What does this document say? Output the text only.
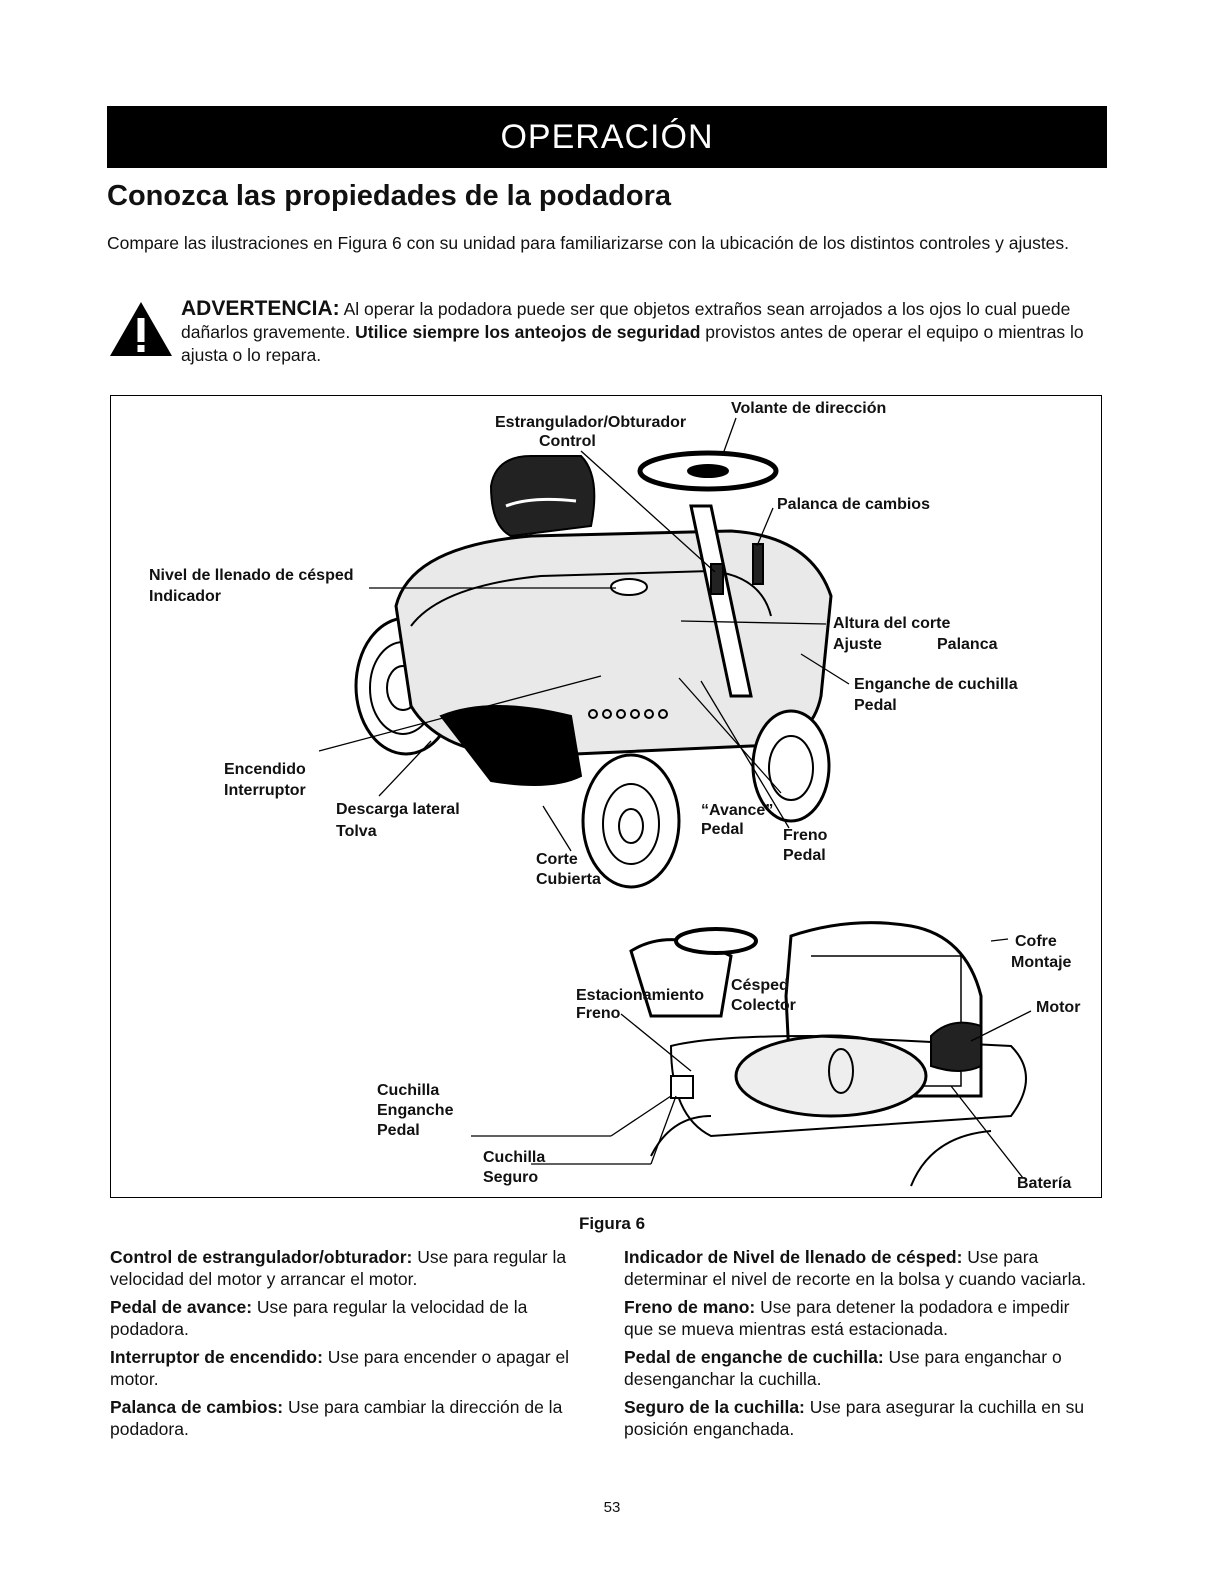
OPERACIÓN
Conozca las propiedades de la podadora
Compare las ilustraciones en Figura 6 con su unidad para familiarizarse con la ubicación de los distintos controles y ajustes.
ADVERTENCIA: Al operar la podadora puede ser que objetos extraños sean arrojados a los ojos lo cual puede dañarlos gravemente. Utilice siempre los anteojos de seguridad provistos antes de operar el equipo o mientras lo ajusta o lo repara.
Volante de dirección
Estrangulador/Obturador
Control
Palanca de cambios
Nivel de llenado de césped
Indicador
Altura del corte
Ajuste	Palanca
Enganche de cuchilla
Pedal
Encendido
Interruptor
Descarga lateral
Tolva
“Avance”
Pedal Freno
Pedal
Corte
Cubierta
Cofre
Montaje
Motor
Estacionamiento
Freno
Césped
Colector
Cuchilla
Enganche
Pedal
Cuchilla
Seguro	Batería
Figura 6

Control de estrangulador/obturador: Use para regular la velocidad del motor y arrancar el motor.

Pedal de avance: Use para regular la velocidad de la podadora.

Interruptor de encendido: Use para encender o apagar el motor.

Palanca de cambios: Use para cambiar la dirección de la podadora.

Indicador de Nivel de llenado de césped: Use para determinar el nivel de recorte en la bolsa y cuando vaciarla.

Freno de mano: Use para detener la podadora e impedir que se mueva mientras está estacionada.

Pedal de enganche de cuchilla: Use para enganchar o desenganchar la cuchilla.

Seguro de la cuchilla: Use para asegurar la cuchilla en su posición enganchada.

53
